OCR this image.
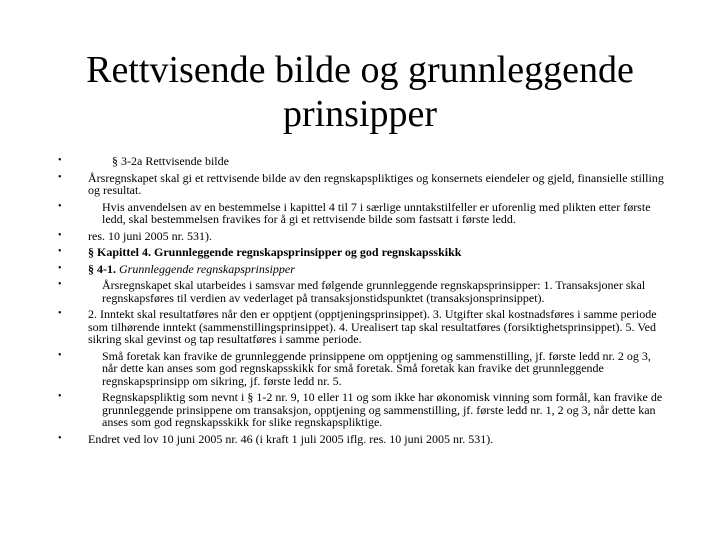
Rettvisende bilde og grunnleggende
prinsipper
•	§ 3-2a Rettvisende bilde
• Årsregnskapet skal gi et rettvisende bilde av den regnskapspliktiges og konsernets eiendeler og gjeld, finansielle stilling og resultat.
•	Hvis anvendelsen av en bestemmelse i kapittel 4 til 7 i særlige unntakstilfeller er uforenlig med plikten etter første ledd, skal bestemmelsen fravikes for å gi et rettvisende bilde som fastsatt i første ledd.
• res. 10 juni 2005 nr. 531).
• § Kapittel 4. Grunnleggende regnskapsprinsipper og god regnskapsskikk
• § 4-1. Grunnleggende regnskapsprinsipper
•	Årsregnskapet skal utarbeides i samsvar med følgende grunnleggende regnskapsprinsipper: 1. Transaksjoner skal regnskapsføres til verdien av vederlaget på transaksjonstidspunktet (transaksjonsprinsippet).
• 2. Inntekt skal resultatføres når den er opptjent (opptjeningsprinsippet). 3. Utgifter skal kostnadsføres i samme periode som tilhørende inntekt (sammenstillingsprinsippet). 4. Urealisert tap skal resultatføres (forsiktighetsprinsippet). 5. Ved sikring skal gevinst og tap resultatføres i samme periode.
•	Små foretak kan fravike de grunnleggende prinsippene om opptjening og sammenstilling, jf. første ledd nr. 2 og 3, når dette kan anses som god regnskapsskikk for små foretak. Små foretak kan fravike det grunnleggende regnskapsprinsipp om sikring, jf. første ledd nr. 5.
•	Regnskapspliktig som nevnt i § 1-2 nr. 9, 10 eller 11 og som ikke har økonomisk vinning som formål, kan fravike de grunnleggende prinsippene om transaksjon, opptjening og sammenstilling, jf. første ledd nr. 1, 2 og 3, når dette kan anses som god regnskapsskikk for slike regnskapspliktige.
• Endret ved lov 10 juni 2005 nr. 46 (i kraft 1 juli 2005 iflg. res. 10 juni 2005 nr. 531).
